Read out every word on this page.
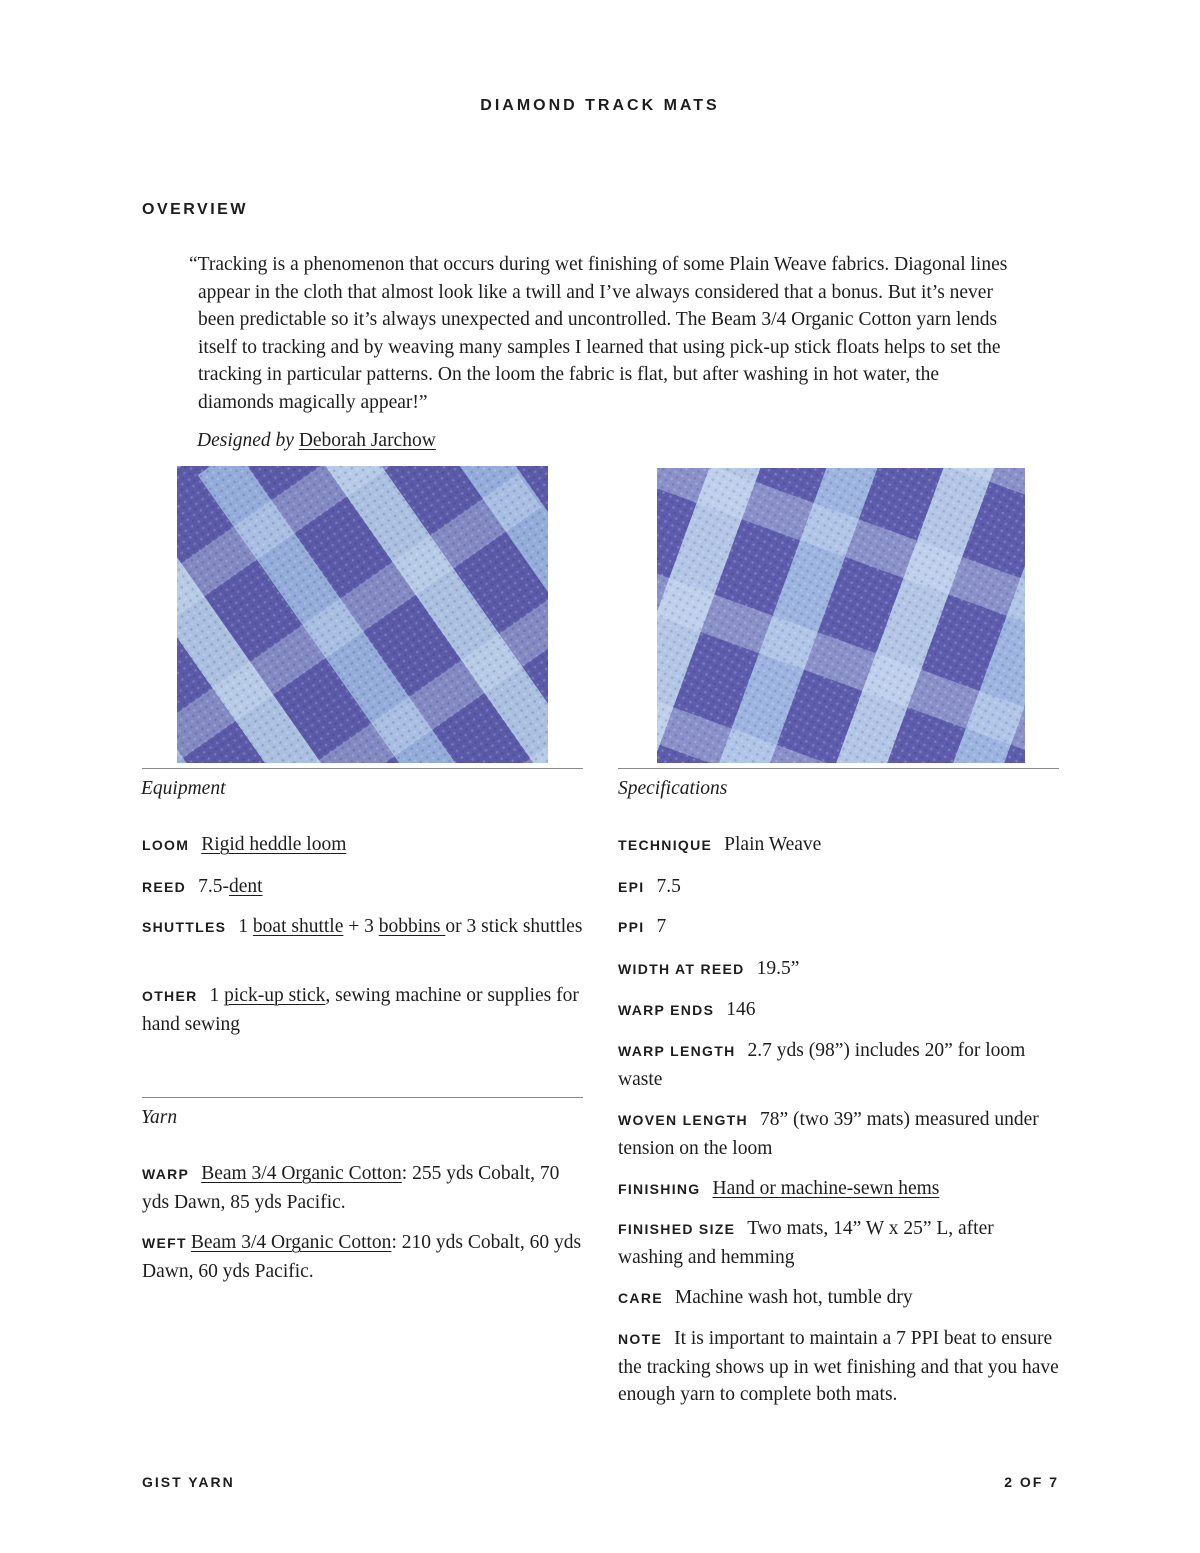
DIAMOND TRACK MATS
OVERVIEW

“Tracking is a phenomenon that occurs during wet finishing of some Plain Weave fabrics. Diagonal lines appear in the cloth that almost look like a twill and I’ve always considered that a bonus. But it’s never been predictable so it’s always unexpected and uncontrolled. The Beam 3/4 Organic Cotton yarn lends itself to tracking and by weaving many samples I learned that using pick-up stick floats helps to set the tracking in particular patterns. On the loom the fabric is flat, but after washing in hot water, the diamonds magically appear!”

Designed by Deborah Jarchow
Equipment
LOOM Rigid heddle loom
REED 7.5-dent
SHUTTLES 1 boat shuttle + 3 bobbins or 3 stick shuttles
OTHER 1 pick-up stick, sewing machine or supplies for hand sewing
Yarn
WARP Beam 3/4 Organic Cotton: 255 yds Cobalt, 70 yds Dawn, 85 yds Pacific.
WEFT Beam 3/4 Organic Cotton: 210 yds Cobalt, 60 yds Dawn, 60 yds Pacific.
Specifications
TECHNIQUE Plain Weave
EPI 7.5
PPI 7
WIDTH AT REED 19.5”
WARP ENDS 146
WARP LENGTH 2.7 yds (98”) includes 20” for loom waste
WOVEN LENGTH 78” (two 39” mats) measured under tension on the loom
FINISHING Hand or machine-sewn hems
FINISHED SIZE Two mats, 14” W x 25” L, after washing and hemming
CARE Machine wash hot, tumble dry
NOTE It is important to maintain a 7 PPI beat to ensure the tracking shows up in wet finishing and that you have enough yarn to complete both mats.
GIST YARN	2 OF 7
